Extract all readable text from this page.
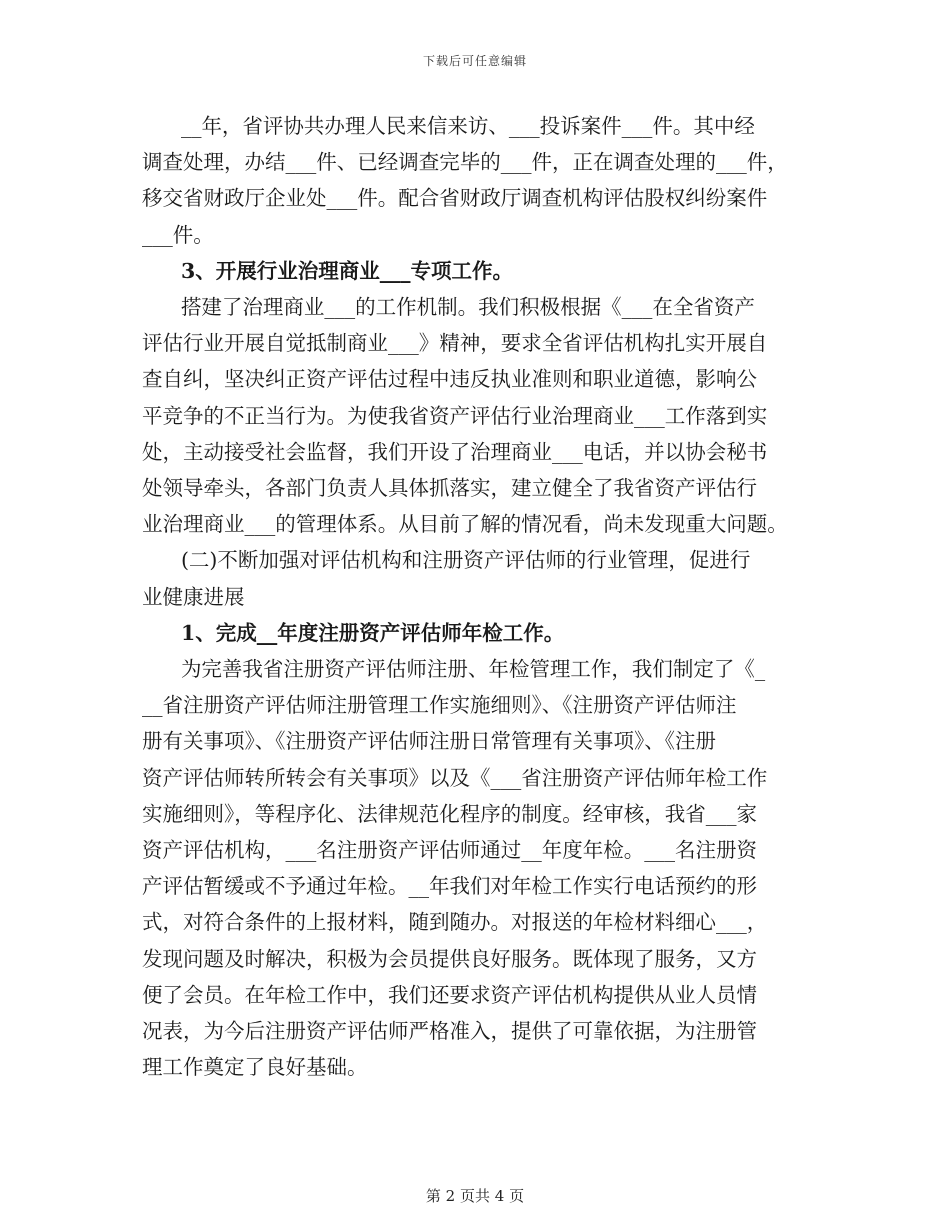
下载后可任意编辑

__年，省评协共办理人民来信来访、___投诉案件___件。其中经
调查处理，办结___件、已经调查完毕的___件，正在调查处理的___件，
移交省财政厅企业处___件。配合省财政厅调查机构评估股权纠纷案件
___件。

3、开展行业治理商业___专项工作。

搭建了治理商业___的工作机制。我们积极根据《___在全省资产
评估行业开展自觉抵制商业___》精神，要求全省评估机构扎实开展自
查自纠，坚决纠正资产评估过程中违反执业准则和职业道德，影响公
平竞争的不正当行为。为使我省资产评估行业治理商业___工作落到实
处，主动接受社会监督，我们开设了治理商业___电话，并以协会秘书
处领导牵头，各部门负责人具体抓落实，建立健全了我省资产评估行
业治理商业___的管理体系。从目前了解的情况看，尚未发现重大问题。

(二)不断加强对评估机构和注册资产评估师的行业管理，促进行
业健康进展

1、完成__年度注册资产评估师年检工作。

为完善我省注册资产评估师注册、年检管理工作，我们制定了《_
__省注册资产评估师注册管理工作实施细则》、《注册资产评估师注
册有关事项》、《注册资产评估师注册日常管理有关事项》、《注册
资产评估师转所转会有关事项》以及《___省注册资产评估师年检工作
实施细则》，等程序化、法律规范化程序的制度。经审核，我省___家
资产评估机构，___名注册资产评估师通过__年度年检。___名注册资
产评估暂缓或不予通过年检。__年我们对年检工作实行电话预约的形
式，对符合条件的上报材料，随到随办。对报送的年检材料细心___，
发现问题及时解决，积极为会员提供良好服务。既体现了服务，又方
便了会员。在年检工作中，我们还要求资产评估机构提供从业人员情
况表，为今后注册资产评估师严格准入，提供了可靠依据，为注册管
理工作奠定了良好基础。

第 2 页共 4 页
